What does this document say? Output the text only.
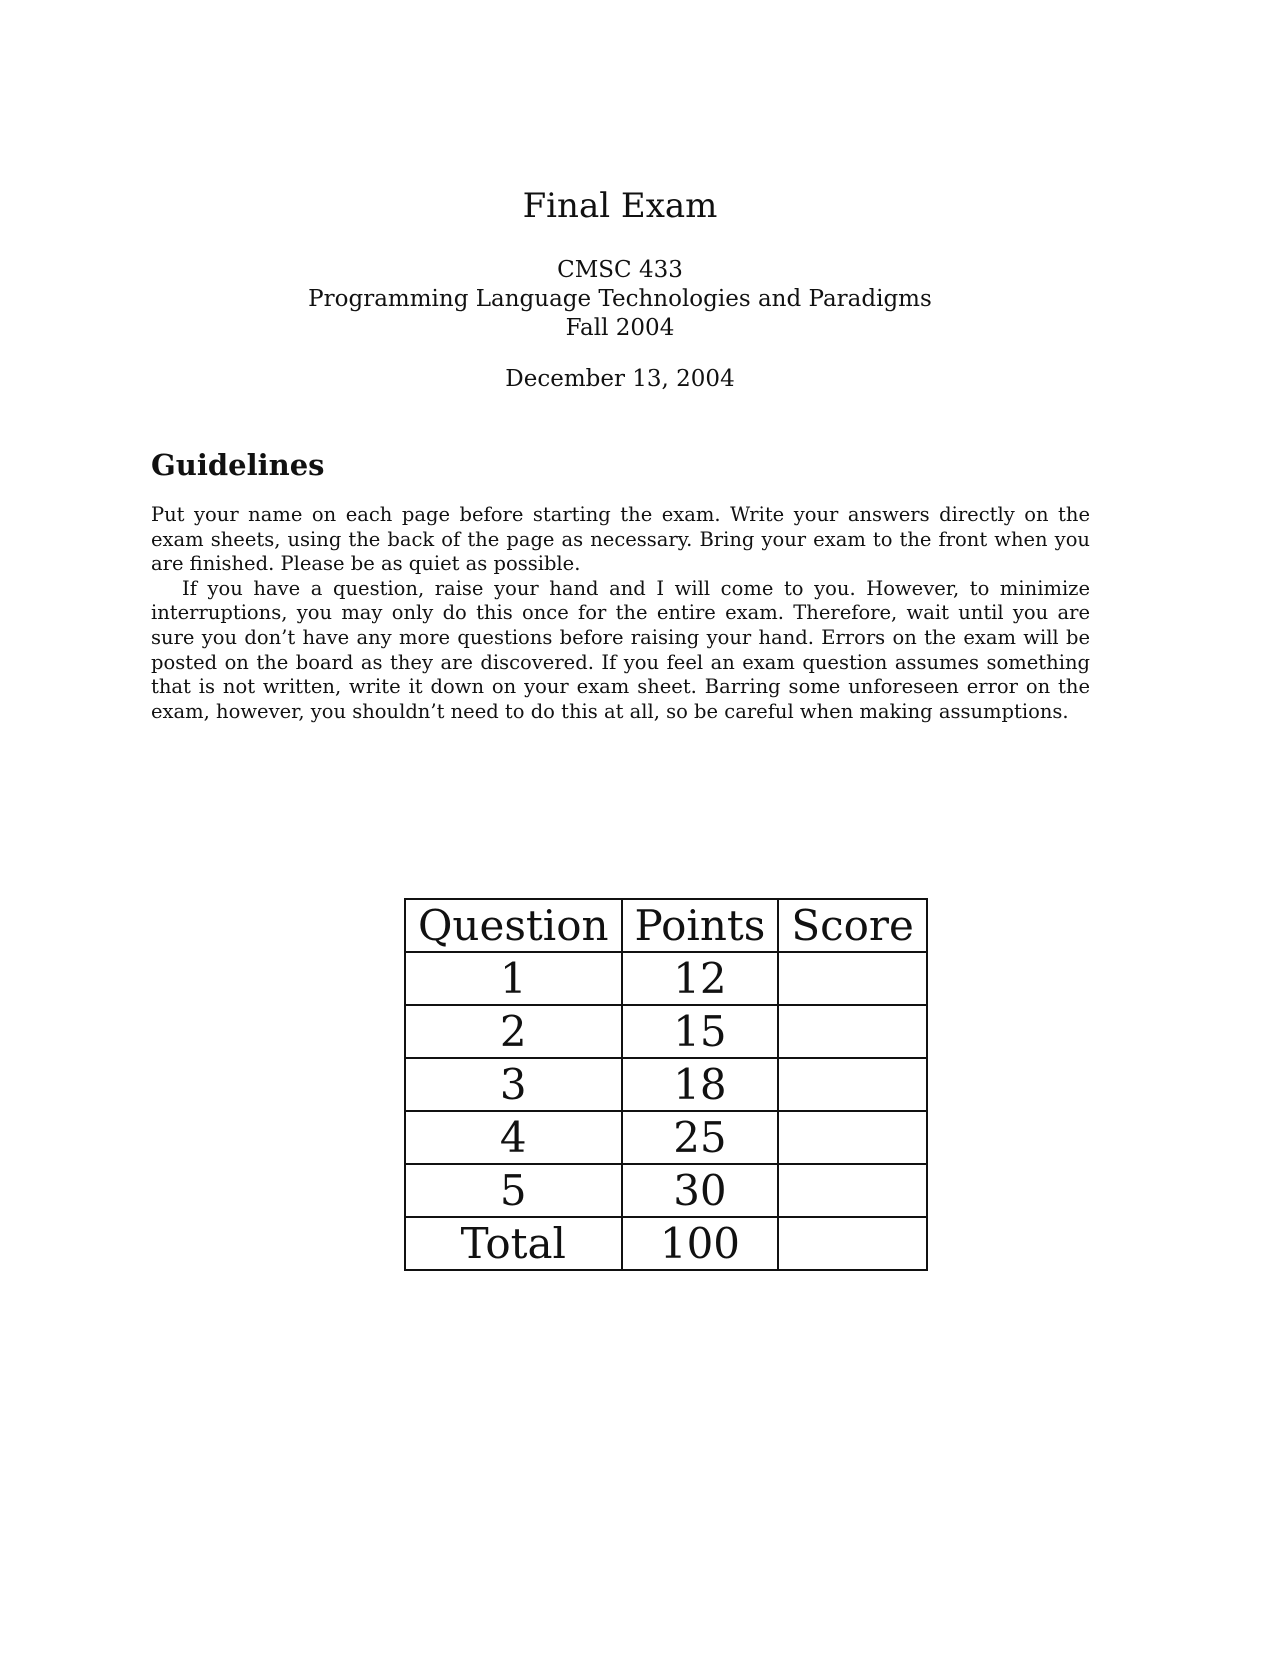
Final Exam
CMSC 433
Programming Language Technologies and Paradigms
Fall 2004
December 13, 2004
Guidelines

Put your name on each page before starting the exam. Write your answers directly on the exam sheets, using the back of the page as necessary. Bring your exam to the front when you are finished. Please be as quiet as possible.

If you have a question, raise your hand and I will come to you. However, to minimize interruptions, you may only do this once for the entire exam. Therefore, wait until you are sure you don’t have any more questions before raising your hand. Errors on the exam will be posted on the board as they are discovered. If you feel an exam question assumes something that is not written, write it down on your exam sheet. Barring some unforeseen error on the exam, however, you shouldn’t need to do this at all, so be careful when making assumptions.

Question	Points	Score
1	12	
2	15	
3	18	
4	25	
5	30	
Total	100	
